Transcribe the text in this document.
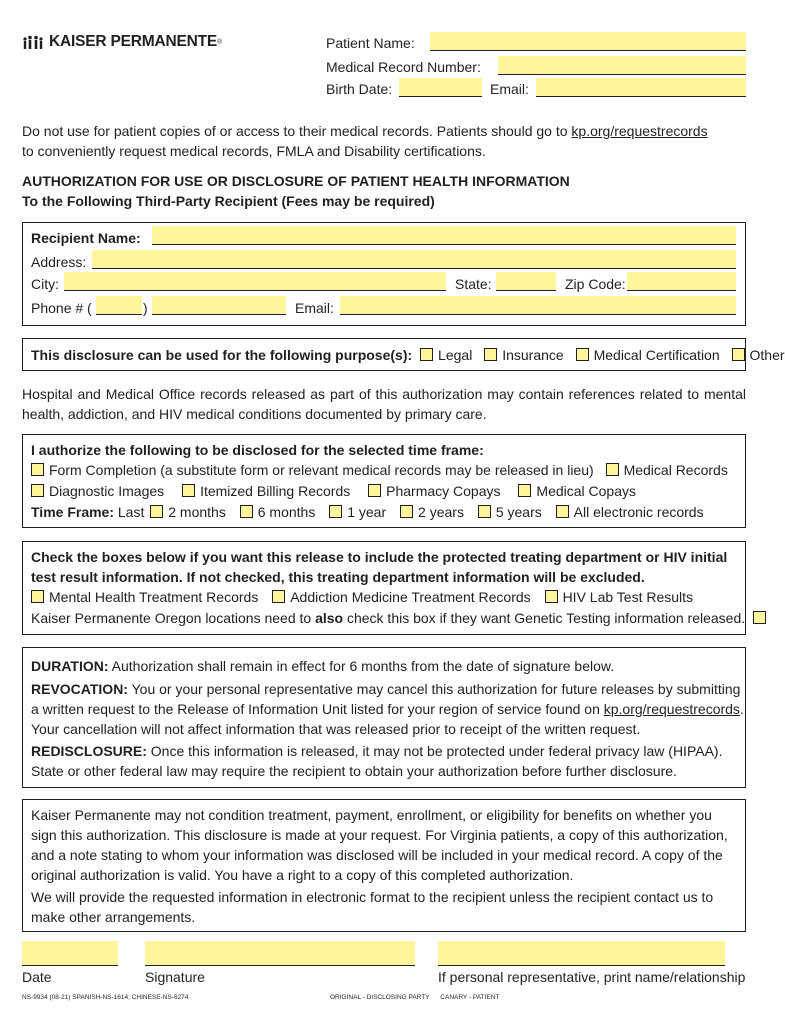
KAISER PERMANENTE ®	Patient Name:
Medical Record Number:
Birth Date:	Email:
Do not use for patient copies of or access to their medical records. Patients should go to kp.org/requestrecords
to conveniently request medical records, FMLA and Disability certifications.
AUTHORIZATION FOR USE OR DISCLOSURE OF PATIENT HEALTH INFORMATION
To the Following Third-Party Recipient (Fees may be required)
Recipient Name:
Address:
City:	State:	Zip Code:
Phone # (	)	Email:
This disclosure can be used for the following purpose(s): Legal Insurance Medical Certification Other
Hospital and Medical Office records released as part of this authorization may contain references related to mental health, addiction, and HIV medical conditions documented by primary care.
I authorize the following to be disclosed for the selected time frame:
Form Completion (a substitute form or relevant medical records may be released in lieu) Medical Records
Diagnostic Images	Itemized Billing Records	Pharmacy Copays	Medical Copays
Time Frame: Last 2 months 6 months 1 year 2 years 5 years All electronic records
Check the boxes below if you want this release to include the protected treating department or HIV initial
test result information. If not checked, this treating department information will be excluded.
Mental Health Treatment Records Addiction Medicine Treatment Records HIV Lab Test Results
Kaiser Permanente Oregon locations need to also check this box if they want Genetic Testing information released.
DURATION: Authorization shall remain in effect for 6 months from the date of signature below.
REVOCATION: You or your personal representative may cancel this authorization for future releases by submitting
a written request to the Release of Information Unit listed for your region of service found on kp.org/requestrecords.
Your cancellation will not affect information that was released prior to receipt of the written request.
REDISCLOSURE: Once this information is released, it may not be protected under federal privacy law (HIPAA).
State or other federal law may require the recipient to obtain your authorization before further disclosure.
Kaiser Permanente may not condition treatment, payment, enrollment, or eligibility for benefits on whether you
sign this authorization. This disclosure is made at your request. For Virginia patients, a copy of this authorization,
and a note stating to whom your information was disclosed will be included in your medical record. A copy of the
original authorization is valid. You have a right to a copy of this completed authorization.
We will provide the requested information in electronic format to the recipient unless the recipient contact us to
make other arrangements.
Date	Signature	If personal representative, print name/relationship
NS-9934 (08-21) SPANISH-NS-1614; CHINESE-NS-6274	ORIGINAL - DISCLOSING PARTY      CANARY - PATIENT
